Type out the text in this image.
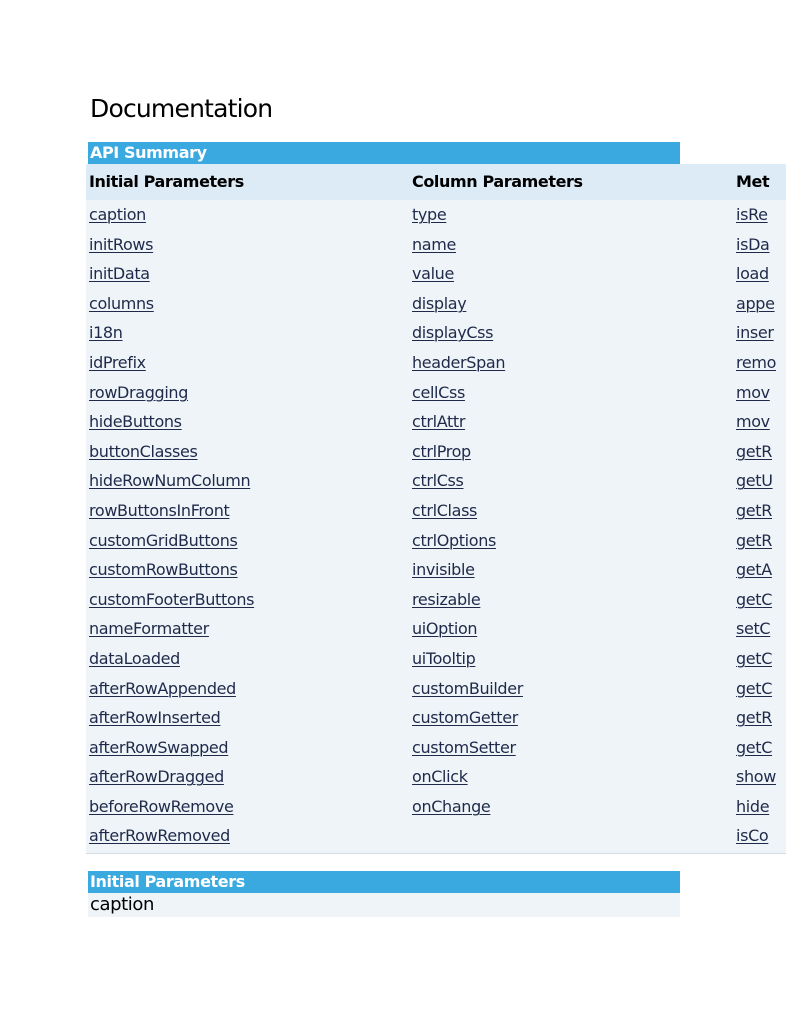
Documentation
API Summary
Initial Parameters	Column Parameters	Met
caption
initRows
initData
columns
i18n
idPrefix
rowDragging
hideButtons
buttonClasses
hideRowNumColumn
rowButtonsInFront
customGridButtons
customRowButtons
customFooterButtons
nameFormatter
dataLoaded
afterRowAppended
afterRowInserted
afterRowSwapped
afterRowDragged
beforeRowRemove
afterRowRemoved
type
name
value
display
displayCss
headerSpan
cellCss
ctrlAttr
ctrlProp
ctrlCss
ctrlClass
ctrlOptions
invisible
resizable
uiOption
uiTooltip
customBuilder
customGetter
customSetter
onClick
onChange
isRe
isDa
load
appe
inser
remo
mov
mov
getR
getU
getR
getR
getA
getC
setC
getC
getC
getR
getC
show
hide
isCo
Initial Parameters
caption
